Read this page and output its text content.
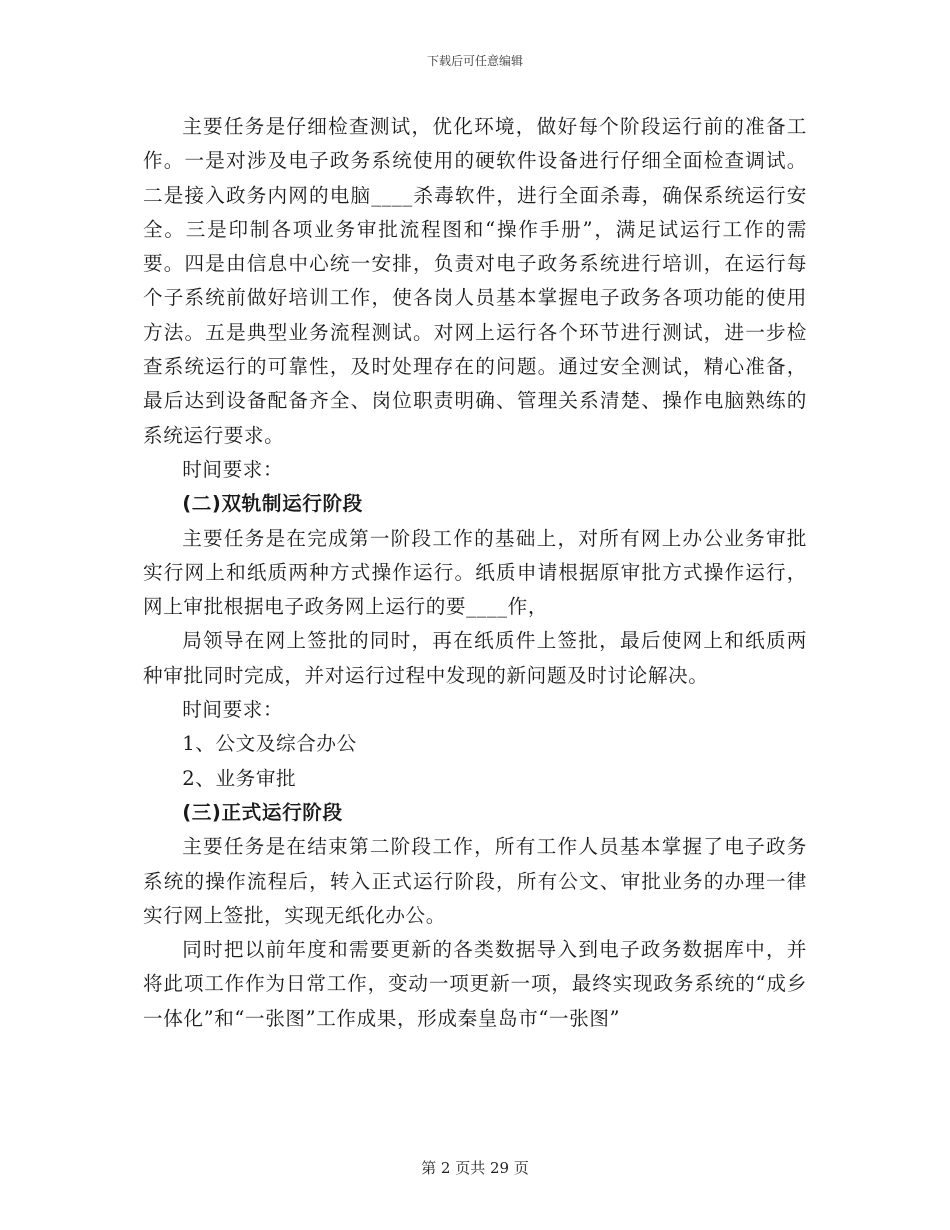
下载后可任意编辑

主要任务是仔细检查测试，优化环境，做好每个阶段运行前的准备工作。一是对涉及电子政务系统使用的硬软件设备进行仔细全面检查调试。二是接入政务内网的电脑____杀毒软件，进行全面杀毒，确保系统运行安全。三是印制各项业务审批流程图和“操作手册”，满足试运行工作的需要。四是由信息中心统一安排，负责对电子政务系统进行培训，在运行每个子系统前做好培训工作，使各岗人员基本掌握电子政务各项功能的使用方法。五是典型业务流程测试。对网上运行各个环节进行测试，进一步检查系统运行的可靠性，及时处理存在的问题。通过安全测试，精心准备，最后达到设备配备齐全、岗位职责明确、管理关系清楚、操作电脑熟练的系统运行要求。

时间要求：

(二)双轨制运行阶段

主要任务是在完成第一阶段工作的基础上，对所有网上办公业务审批实行网上和纸质两种方式操作运行。纸质申请根据原审批方式操作运行，网上审批根据电子政务网上运行的要____作，

局领导在网上签批的同时，再在纸质件上签批，最后使网上和纸质两种审批同时完成，并对运行过程中发现的新问题及时讨论解决。

时间要求：

1、公文及综合办公

2、业务审批

(三)正式运行阶段

主要任务是在结束第二阶段工作，所有工作人员基本掌握了电子政务系统的操作流程后，转入正式运行阶段，所有公文、审批业务的办理一律实行网上签批，实现无纸化办公。

同时把以前年度和需要更新的各类数据导入到电子政务数据库中，并将此项工作作为日常工作，变动一项更新一项，最终实现政务系统的“成乡一体化”和“一张图”工作成果，形成秦皇岛市“一张图”

第 2 页共 29 页
